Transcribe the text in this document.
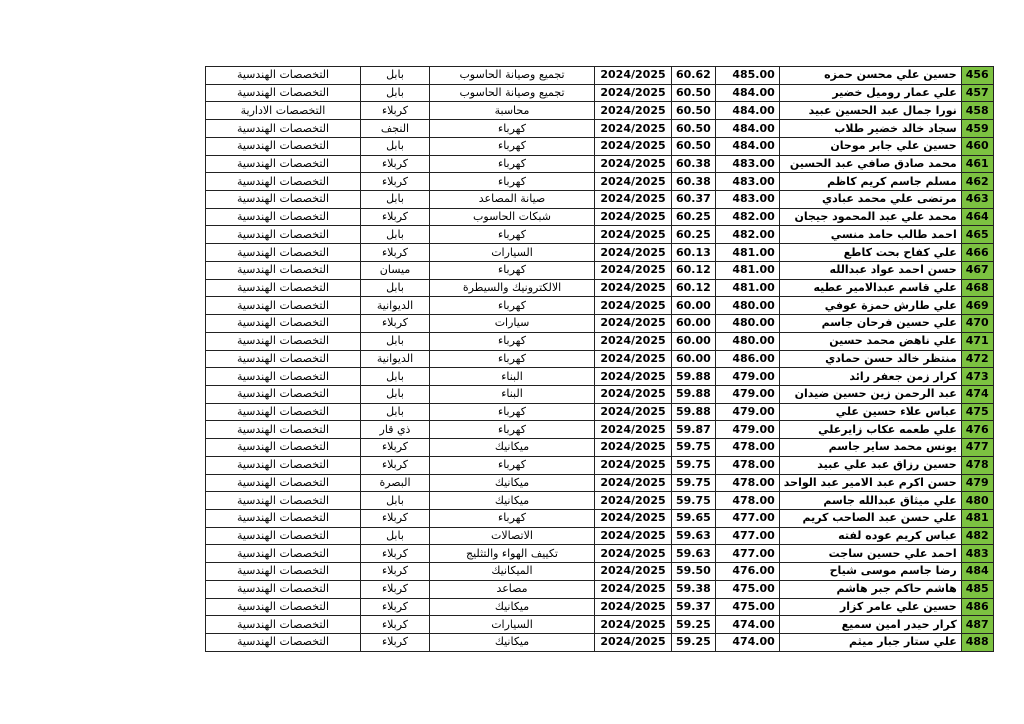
التخصصات الهندسية	بابل	تجميع وصيانة الحاسوب	2024/2025	60.62	485.00	حسين علي محسن حمزه	456
التخصصات الهندسية	بابل	تجميع وصيانة الحاسوب	2024/2025	60.50	484.00	علي عمار روميل خضير	457
التخصصات الادارية	كربلاء	محاسبة	2024/2025	60.50	484.00	نورا جمال عبد الحسين عبيد	458
التخصصات الهندسية	النجف	كهرباء	2024/2025	60.50	484.00	سجاد خالد خضير طلاب	459
التخصصات الهندسية	بابل	كهرباء	2024/2025	60.50	484.00	حسين علي جابر موحان	460
التخصصات الهندسية	كربلاء	كهرباء	2024/2025	60.38	483.00	محمد صادق صافي عبد الحسين	461
التخصصات الهندسية	كربلاء	كهرباء	2024/2025	60.38	483.00	مسلم جاسم كريم كاظم	462
التخصصات الهندسية	بابل	صيانة المصاعد	2024/2025	60.37	483.00	مرتضى علي محمد عبادي	463
التخصصات الهندسية	كربلاء	شبكات الحاسوب	2024/2025	60.25	482.00	محمد علي عبد المحمود جيجان	464
التخصصات الهندسية	بابل	كهرباء	2024/2025	60.25	482.00	احمد طالب حامد منسي	465
التخصصات الهندسية	كربلاء	السيارات	2024/2025	60.13	481.00	علي كفاح بحت كاطع	466
التخصصات الهندسية	ميسان	كهرباء	2024/2025	60.12	481.00	حسن احمد عواد عبدالله	467
التخصصات الهندسية	بابل	الالكترونيك والسيطرة	2024/2025	60.12	481.00	علي قاسم عبدالامير عطيه	468
التخصصات الهندسية	الديوانية	كهرباء	2024/2025	60.00	480.00	علي طارش حمزة عوفي	469
التخصصات الهندسية	كربلاء	سيارات	2024/2025	60.00	480.00	علي حسين فرحان جاسم	470
التخصصات الهندسية	بابل	كهرباء	2024/2025	60.00	480.00	علي ناهض محمد حسين	471
التخصصات الهندسية	الديوانية	كهرباء	2024/2025	60.00	486.00	منتظر خالد حسن حمادي	472
التخصصات الهندسية	بابل	البناء	2024/2025	59.88	479.00	كرار زمن جعفر رائد	473
التخصصات الهندسية	بابل	البناء	2024/2025	59.88	479.00	عبد الرحمن زين حسين ضيدان	474
التخصصات الهندسية	بابل	كهرباء	2024/2025	59.88	479.00	عباس علاء حسين علي	475
التخصصات الهندسية	ذي قار	كهرباء	2024/2025	59.87	479.00	علي طعمه عكاب زايرعلي	476
التخصصات الهندسية	كربلاء	ميكانيك	2024/2025	59.75	478.00	يونس محمد ساير جاسم	477
التخصصات الهندسية	كربلاء	كهرباء	2024/2025	59.75	478.00	حسين رزاق عبد علي عبيد	478
التخصصات الهندسية	البصرة	ميكانيك	2024/2025	59.75	478.00	حسن اكرم عبد الامير عبد الواحد	479
التخصصات الهندسية	بابل	ميكانيك	2024/2025	59.75	478.00	علي ميثاق عبدالله جاسم	480
التخصصات الهندسية	كربلاء	كهرباء	2024/2025	59.65	477.00	علي حسن عبد الصاحب كريم	481
التخصصات الهندسية	بابل	الاتصالات	2024/2025	59.63	477.00	عباس كريم عوده لفته	482
التخصصات الهندسية	كربلاء	تكييف الهواء والتثليج	2024/2025	59.63	477.00	احمد علي حسين ساجت	483
التخصصات الهندسية	كربلاء	الميكانيك	2024/2025	59.50	476.00	رضا جاسم موسى شياح	484
التخصصات الهندسية	كربلاء	مصاعد	2024/2025	59.38	475.00	هاشم حاكم جبر هاشم	485
التخصصات الهندسية	كربلاء	ميكانيك	2024/2025	59.37	475.00	حسين علي عامر كزار	486
التخصصات الهندسية	كربلاء	السيارات	2024/2025	59.25	474.00	كرار حيدر امين سميع	487
التخصصات الهندسية	كربلاء	ميكانيك	2024/2025	59.25	474.00	علي ستار جبار ميثم	488
